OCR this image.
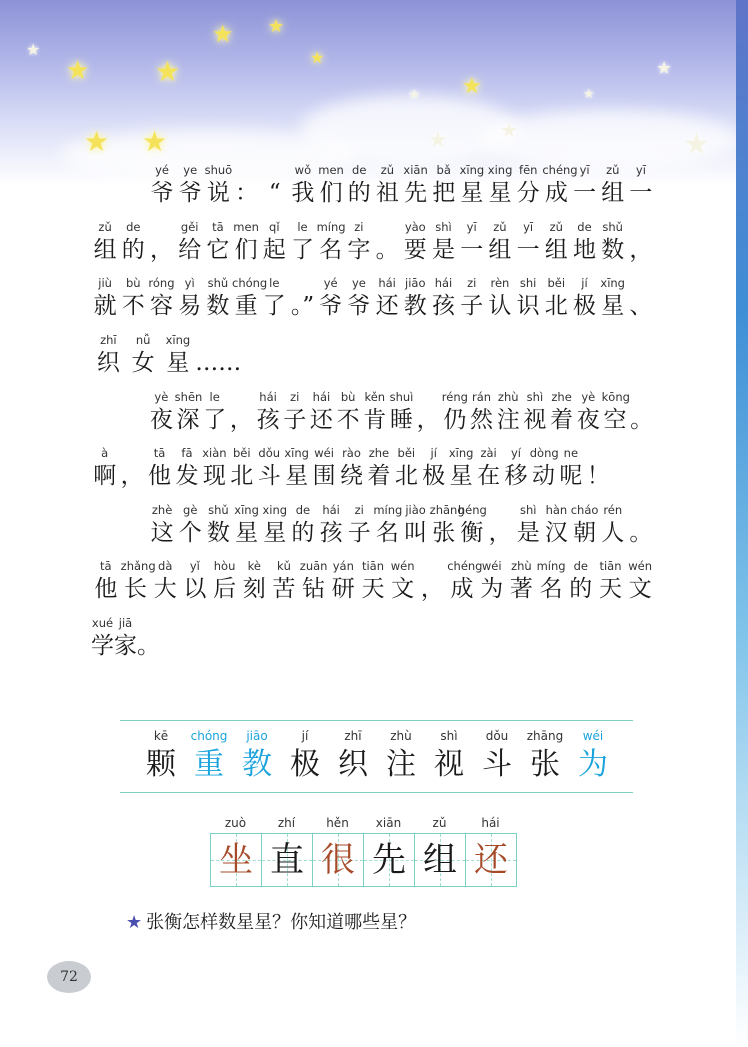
★ ★
★
★ ★	★
★ ★	★
★
★ ★	★	★	★
yé
爷
ye
爷
shuō
说 ： “
wǒ
我
men
们
de
的
zǔ
祖
xiān
先
bǎ
把
xīng
星
xing
星
fēn
分
chéng
成
yī
一
zǔ
组
yī
一
zǔ
组
de
的 ，
gěi
给
tā
它
men
们
qǐ
起
le
了
míng
名
zi
字 。
yào
要
shì
是
yī
一
zǔ
组
yī
一
zǔ
组
de
地
shǔ
数 ，
jiù
就
bù
不
róng
容
yì
易
shǔ
数
chóng
重
le
了 。”
yé
爷
ye
爷
hái
还
jiāo
教
hái
孩
zi
子
rèn
认
shi
识
běi
北
jí
极
xīng
星 、
zhī
织
nǚ
女
xīng
星 ……
yè
夜
shēn
深
le
了 ，
hái
孩
zi
子
hái
还
bù
不
kěn
肯
shuì
睡 ，
réng
仍
rán
然
zhù
注
shì
视
zhe
着
yè
夜
kōng
空 。
à
啊 ，
tā
他
fā
发
xiàn
现
běi
北
dǒu
斗
xīng
星
wéi
围
rào
绕
zhe
着
běi
北
jí
极
xīng
星
zài
在
yí
移
dòng
动
ne
呢 ！
zhè
这
gè
个
shǔ
数
xīng
星
xing
星
de
的
hái
孩
zi
子
míng
名
jiào
叫
zhāng
张
héng
衡 ，
shì
是
hàn
汉
cháo
朝
rén
人 。
tā
他
zhǎng
长
dà
大
yǐ
以
hòu
后
kè
刻
kǔ
苦
zuān
钻
yán
研
tiān
天
wén
文 ，
chéng
成
wéi
为
zhù
著
míng
名
de
的
tiān
天
wén
文
xué
学
jiā
家 。
kē
颗
chóng
重
jiāo
教
jí
极
zhī
织
zhù
注
shì
视
dǒu
斗
zhāng
张
wéi
为
zuò
坐
zhí
直
hěn
很
xiān
先
zǔ
组
hái
还
★ 张衡怎样数星星？你知道哪些星？
72
